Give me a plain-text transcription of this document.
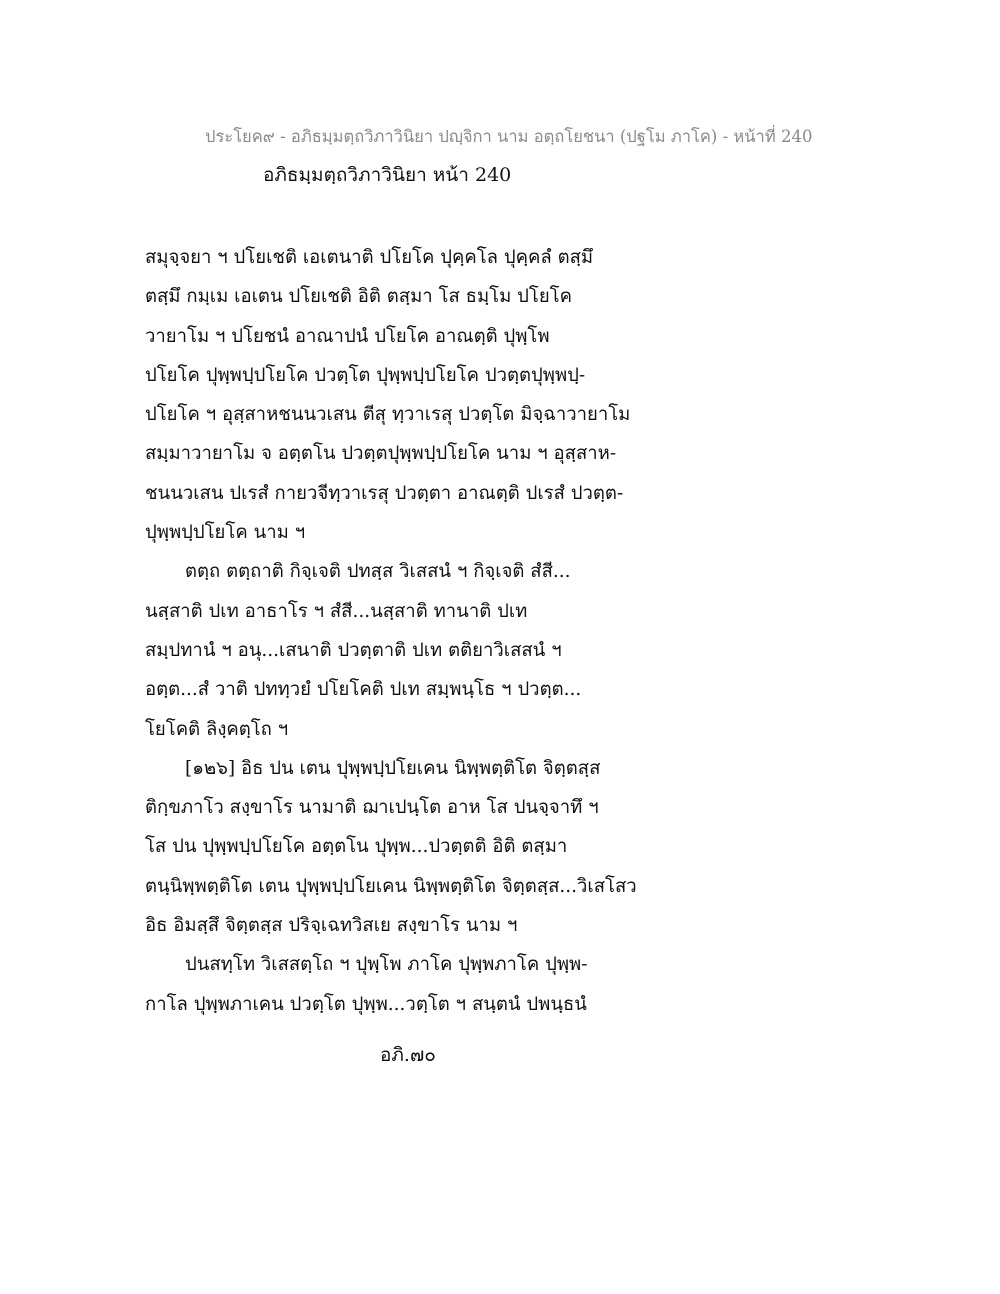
ประโยค๙ - อภิธมฺมตฺถวิภาวินิยา ปญฺจิกา นาม อตฺถโยชนา (ปฐโม ภาโค) - หน้าที่ 240
อภิธมฺมตฺถวิภาวินิยา หน้า 240
สมุจฺจยา ฯ ปโยเชติ เอเตนาติ ปโยโค ปุคฺคโล ปุคฺคลํ ตสฺมึ
ตสฺมึ กมฺเม เอเตน ปโยเชติ อิติ ตสฺมา โส ธมฺโม ปโยโค
วายาโม ฯ ปโยชนํ อาณาปนํ ปโยโค อาณตฺติ ปุพฺโพ
ปโยโค ปุพฺพปฺปโยโค ปวตฺโต ปุพฺพปฺปโยโค ปวตฺตปุพฺพปฺ-
ปโยโค ฯ อุสฺสาหชนนวเสน ตีสุ ทฺวาเรสุ ปวตฺโต มิจฺฉาวายาโม
สมฺมาวายาโม จ อตฺตโน ปวตฺตปุพฺพปฺปโยโค นาม ฯ อุสฺสาห-
ชนนวเสน ปเรสํ กายวจีทฺวาเรสุ ปวตฺตา อาณตฺติ ปเรสํ ปวตฺต-
ปุพฺพปฺปโยโค นาม ฯ
ตตฺถ ตตฺถาติ กิจฺเจติ ปทสฺส วิเสสนํ ฯ กิจฺเจติ สํสี...
นสฺสาติ ปเท อาธาโร ฯ สํสี...นสฺสาติ ทานาติ ปเท
สมฺปทานํ ฯ อนุ...เสนาติ ปวตฺตาติ ปเท ตติยาวิเสสนํ ฯ
อตฺต...สํ วาติ ปททฺวยํ ปโยโคติ ปเท สมฺพนฺโธ ฯ ปวตฺต...
โยโคติ ลิงฺคตฺโถ ฯ
[๑๒๖] อิธ ปน เตน ปุพฺพปฺปโยเคน นิพฺพตฺติโต จิตฺตสฺส
ติกฺขภาโว สงฺขาโร นามาติ ฌาเปนฺโต อาห โส ปนจฺจาทึ ฯ
โส ปน ปุพฺพปฺปโยโค อตฺตโน ปุพฺพ...ปวตฺตติ อิติ ตสฺมา
ตนฺนิพฺพตฺติโต เตน ปุพฺพปฺปโยเคน นิพฺพตฺติโต จิตฺตสฺส...วิเสโสว
อิธ อิมสฺสึ จิตฺตสฺส ปริจฺเฉทวิสเย สงฺขาโร นาม ฯ
ปนสทฺโท วิเสสตฺโถ ฯ ปุพฺโพ ภาโค ปุพฺพภาโค ปุพฺพ-
กาโล ปุพฺพภาเคน ปวตฺโต ปุพฺพ...วตฺโต ฯ สนฺตนํ ปพนฺธนํ
อภิ.๗๐
